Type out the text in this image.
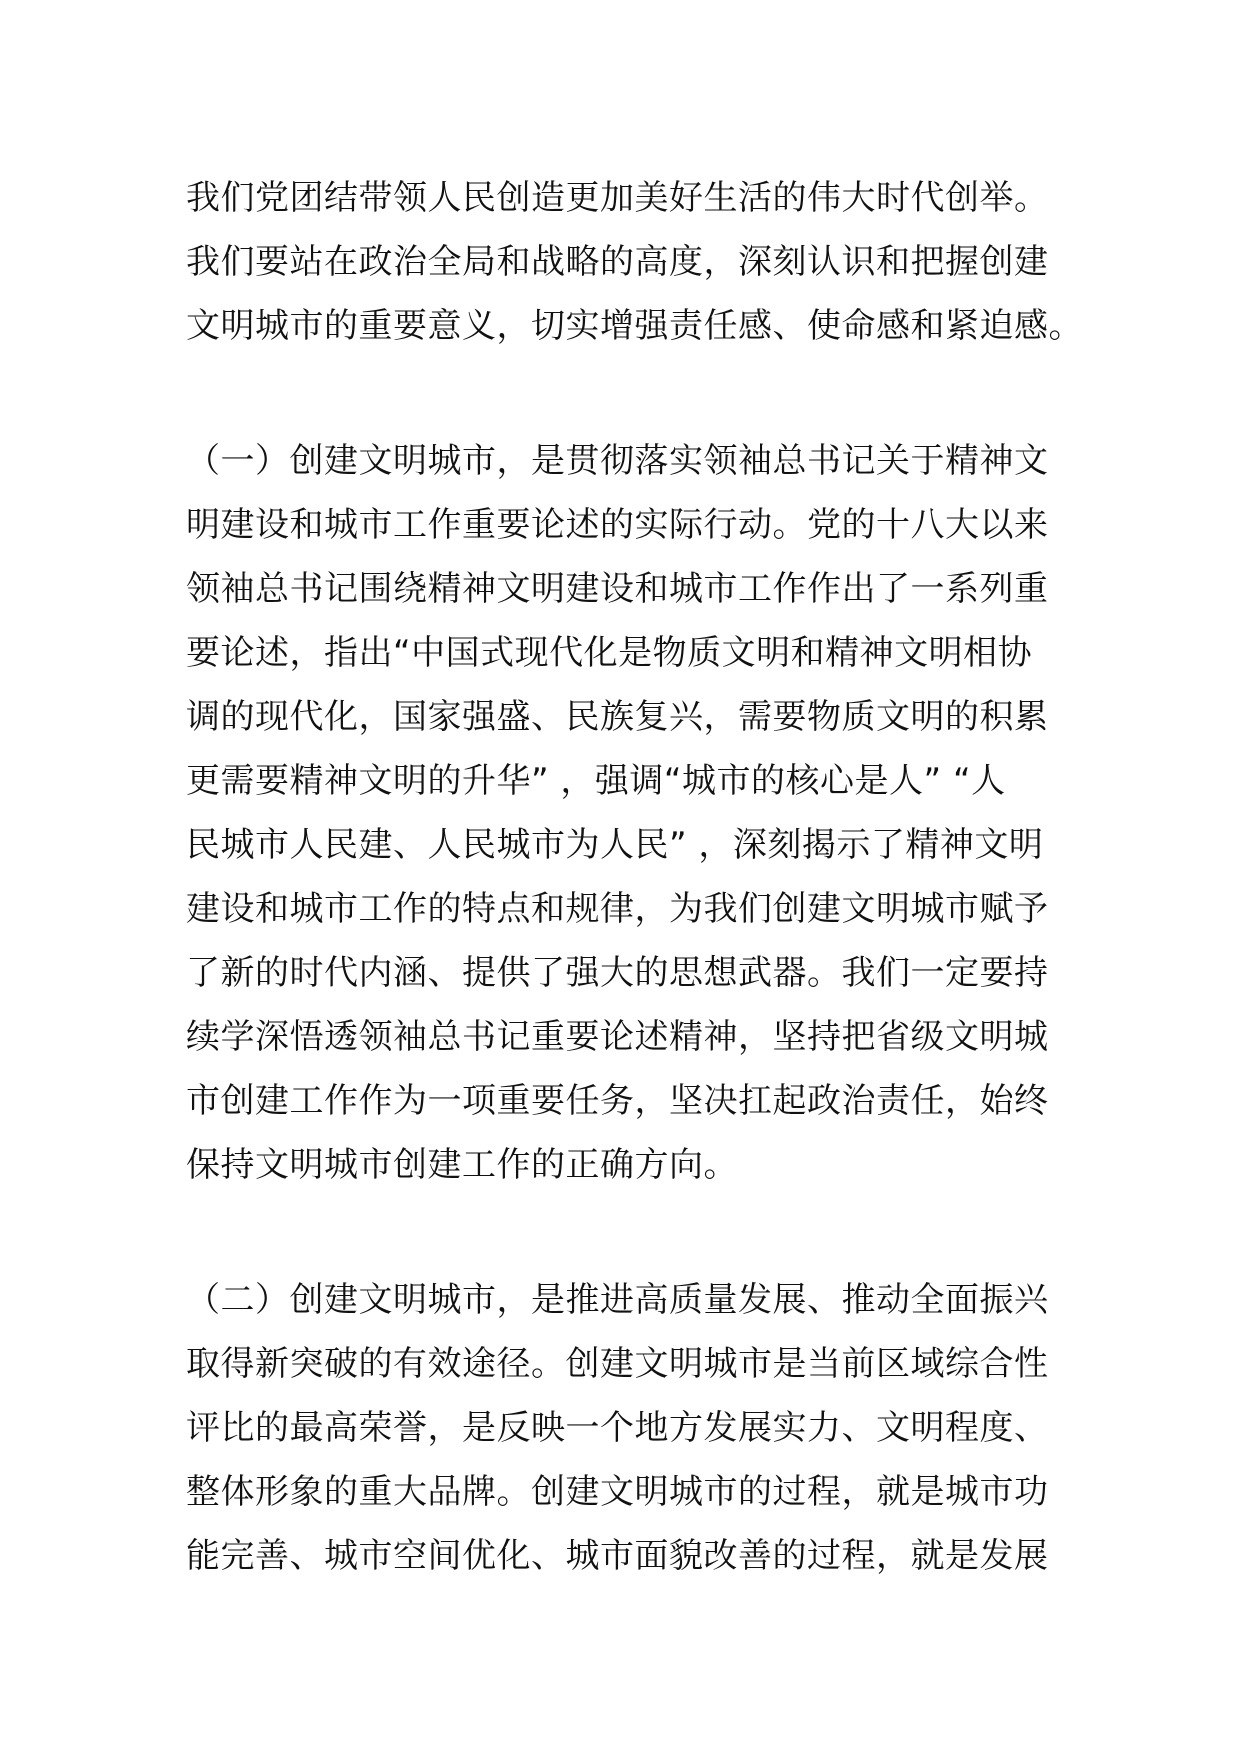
我们党团结带领人民创造更加美好生活的伟大时代创举。
我们要站在政治全局和战略的高度，深刻认识和把握创建
文明城市的重要意义，切实增强责任感、使命感和紧迫感。
（一）创建文明城市，是贯彻落实领袖总书记关于精神文
明建设和城市工作重要论述的实际行动。党的十八大以来
领袖总书记围绕精神文明建设和城市工作作出了一系列重
要论述，指出“中国式现代化是物质文明和精神文明相协
调的现代化，国家强盛、民族复兴，需要物质文明的积累
更需要精神文明的升华” ，强调“城市的核心是人” “人
民城市人民建、人民城市为人民” ，深刻揭示了精神文明
建设和城市工作的特点和规律，为我们创建文明城市赋予
了新的时代内涵、提供了强大的思想武器。我们一定要持
续学深悟透领袖总书记重要论述精神，坚持把省级文明城
市创建工作作为一项重要任务，坚决扛起政治责任，始终
保持文明城市创建工作的正确方向。
（二）创建文明城市，是推进高质量发展、推动全面振兴
取得新突破的有效途径。创建文明城市是当前区域综合性
评比的最高荣誉，是反映一个地方发展实力、文明程度、
整体形象的重大品牌。创建文明城市的过程，就是城市功
能完善、城市空间优化、城市面貌改善的过程，就是发展
